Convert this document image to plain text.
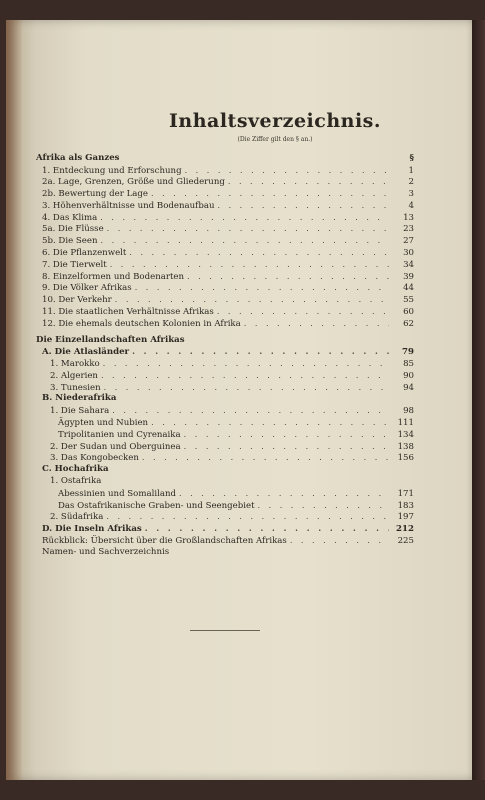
Inhaltsverzeichnis.
(Die Ziffer gilt den § an.)
Afrika als Ganzes	§
1. Entdeckung und Erforschung . . .	1
2a. Lage, Grenzen, Größe und Gliederung . . .	2
2b. Bewertung der Lage . . .	3
3. Höhenverhältnisse und Bodenaufbau . . .	4
4. Das Klima . . .	13
5a. Die Flüsse . . .	23
5b. Die Seen . . .	27
6. Die Pflanzenwelt . . .	30
7. Die Tierwelt . . .	34
8. Einzelformen und Bodenarten . . .	39
9. Die Völker Afrikas . . .	44
10. Der Verkehr . . .	55
11. Die staatlichen Verhältnisse Afrikas . . .	60
12. Die ehemals deutschen Kolonien in Afrika . . .	62
Die Einzellandschaften Afrikas
A. Die Atlasländer . . .	79
1. Marokko . . .	85
2. Algerien . . .	90
3. Tunesien . . .	94
B. Niederafrika
1. Die Sahara . . .	98
Ägypten und Nubien . . .	111
Tripolitanien und Cyrenaika . . .	134
2. Der Sudan und Oberguinea . . .	138
3. Das Kongobecken . . .	156
C. Hochafrika
1. Ostafrika
Abessinien und Somaliland . . .	171
Das Ostafrikanische Graben- und Seengebiet . . .	183
2. Südafrika . . .	197
D. Die Inseln Afrikas . . .	212
Rückblick: Übersicht über die Großlandschaften Afrikas . . .	225
Namen- und Sachverzeichnis
